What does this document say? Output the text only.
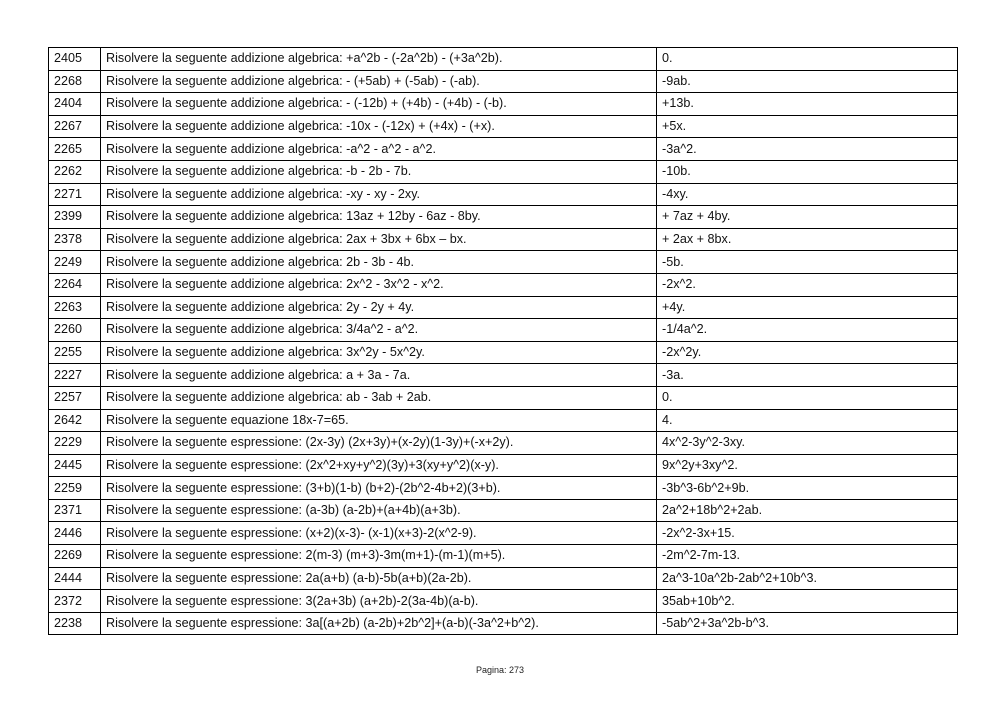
2405	Risolvere la seguente addizione algebrica: +a^2b - (-2a^2b) - (+3a^2b).	0.
2268	Risolvere la seguente addizione algebrica: - (+5ab) + (-5ab) - (-ab).	-9ab.
2404	Risolvere la seguente addizione algebrica: - (-12b) + (+4b) - (+4b) - (-b).	+13b.
2267	Risolvere la seguente addizione algebrica: -10x - (-12x) + (+4x) - (+x).	+5x.
2265	Risolvere la seguente addizione algebrica: -a^2 - a^2 - a^2.	-3a^2.
2262	Risolvere la seguente addizione algebrica: -b - 2b - 7b.	-10b.
2271	Risolvere la seguente addizione algebrica: -xy - xy - 2xy.	-4xy.
2399	Risolvere la seguente addizione algebrica: 13az + 12by - 6az - 8by.	+ 7az + 4by.
2378	Risolvere la seguente addizione algebrica: 2ax + 3bx + 6bx – bx.	+ 2ax + 8bx.
2249	Risolvere la seguente addizione algebrica: 2b - 3b - 4b.	-5b.
2264	Risolvere la seguente addizione algebrica: 2x^2 - 3x^2 - x^2.	-2x^2.
2263	Risolvere la seguente addizione algebrica: 2y - 2y + 4y.	+4y.
2260	Risolvere la seguente addizione algebrica: 3/4a^2 - a^2.	-1/4a^2.
2255	Risolvere la seguente addizione algebrica: 3x^2y - 5x^2y.	-2x^2y.
2227	Risolvere la seguente addizione algebrica: a + 3a - 7a.	-3a.
2257	Risolvere la seguente addizione algebrica: ab - 3ab + 2ab.	0.
2642	Risolvere la seguente equazione 18x-7=65.	4.
2229	Risolvere la seguente espressione: (2x-3y) (2x+3y)+(x-2y)(1-3y)+(-x+2y).	4x^2-3y^2-3xy.
2445	Risolvere la seguente espressione: (2x^2+xy+y^2)(3y)+3(xy+y^2)(x-y).	9x^2y+3xy^2.
2259	Risolvere la seguente espressione: (3+b)(1-b) (b+2)-(2b^2-4b+2)(3+b).	-3b^3-6b^2+9b.
2371	Risolvere la seguente espressione: (a-3b) (a-2b)+(a+4b)(a+3b).	2a^2+18b^2+2ab.
2446	Risolvere la seguente espressione: (x+2)(x-3)- (x-1)(x+3)-2(x^2-9).	-2x^2-3x+15.
2269	Risolvere la seguente espressione: 2(m-3) (m+3)-3m(m+1)-(m-1)(m+5).	-2m^2-7m-13.
2444	Risolvere la seguente espressione: 2a(a+b) (a-b)-5b(a+b)(2a-2b).	2a^3-10a^2b-2ab^2+10b^3.
2372	Risolvere la seguente espressione: 3(2a+3b) (a+2b)-2(3a-4b)(a-b).	35ab+10b^2.
2238	Risolvere la seguente espressione: 3a[(a+2b) (a-2b)+2b^2]+(a-b)(-3a^2+b^2).	-5ab^2+3a^2b-b^3.
Pagina: 273
